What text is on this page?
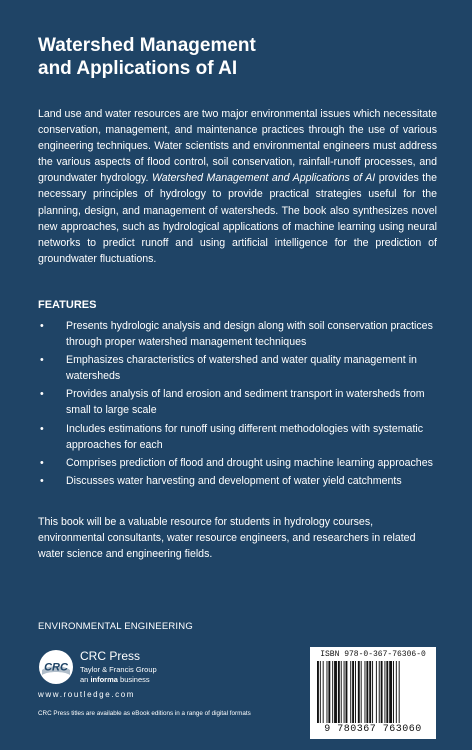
Watershed Management
and Applications of AI

Land use and water resources are two major environmental issues which necessitate conservation, management, and maintenance practices through the use of various engineering techniques. Water scientists and environmental engineers must address the various aspects of flood control, soil conservation, rainfall-runoff processes, and groundwater hydrology. Watershed Management and Applications of AI provides the necessary principles of hydrology to provide practical strategies useful for the planning, design, and management of watersheds. The book also synthesizes novel new approaches, such as hydrological applications of machine learning using neural networks to predict runoff and using artificial intelligence for the prediction of groundwater fluctuations.

FEATURES
• Presents hydrologic analysis and design along with soil conservation practices through proper watershed management techniques
• Emphasizes characteristics of watershed and water quality management in watersheds
• Provides analysis of land erosion and sediment transport in watersheds from small to large scale
• Includes estimations for runoff using different methodologies with systematic approaches for each
• Comprises prediction of flood and drought using machine learning approaches
• Discusses water harvesting and development of water yield catchments

This book will be a valuable resource for students in hydrology courses, environmental consultants, water resource engineers, and researchers in related water science and engineering fields.

ENVIRONMENTAL ENGINEERING

CRC

CRC Press

Taylor & Francis Group

an informa business

www.routledge.com

CRC Press titles are available as eBook editions in a range of digital formats

ISBN 978-0-367-76306-0

9 780367 763060
